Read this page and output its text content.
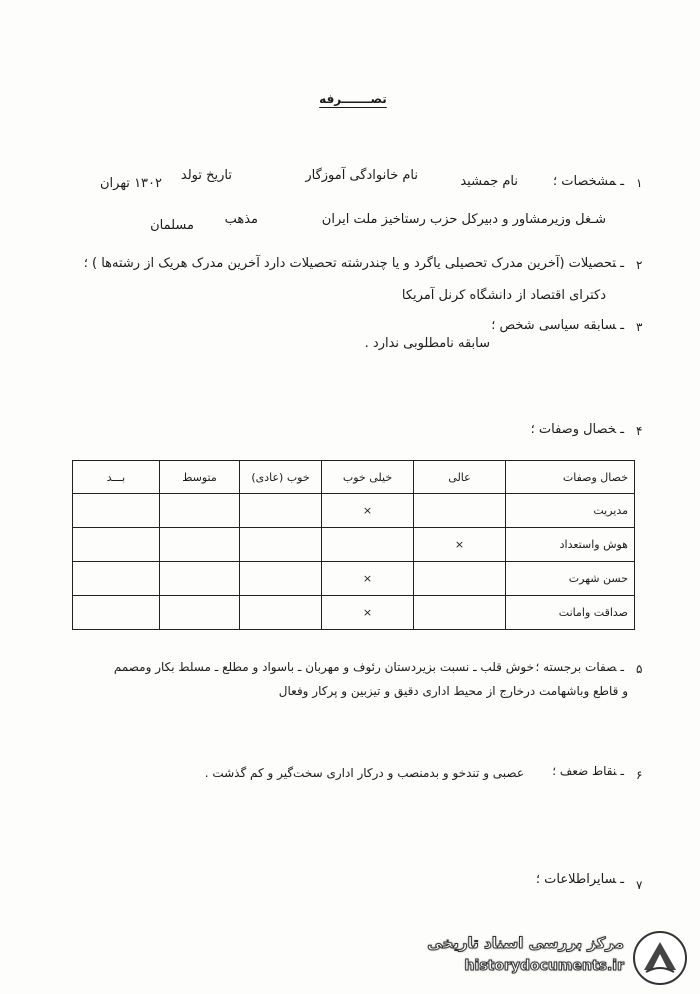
تصـــــــرفه
۱
ـمشخصات ؛
نام جمشید
نام خانوادگی آموزگار
تاریخ تولد
۱۳۰۲ تهران
شـغل وزیرمشاور و دبیرکل حزب رستاخیز ملت ایران
مذهب
مسلمان
۲
ـتحصیلات (آخرین مدرک تحصیلی یاگرد و یا چندرشته تحصیلات دارد آخرین مدرک هریک از رشته‌ها ) ؛
دکترای اقتصاد از دانشگاه کرنل آمریکا
۳
ـسابقه سیاسی شخص ؛
سابقه نامطلوبی ندارد .
۴
ـخصال وصفات ؛
خصال وصفات	عالی	خیلی خوب	خوب (عادی)	متوسط	بـــد
مدیریت		×			
هوش واستعداد	×				
حسن شهرت		×			
صداقت وامانت		×			
۵
ـصفات برجسته ؛
خوش قلب ـ نسبت بزیردستان رئوف و مهربان ـ باسواد و مطلع ـ مسلط بکار ومصمم
و قاطع وباشهامت درخارج از محیط اداری دقیق و تیزبین و پرکار وفعال
۶
ـنقاط ضعف ؛
عصبی و تندخو و بدمنصب و درکار اداری سخت‌گیر و کم گذشت .
۷
ـسایراطلاعات ؛
مرکز بررسی اسناد تاریخی
historydocuments.ir
